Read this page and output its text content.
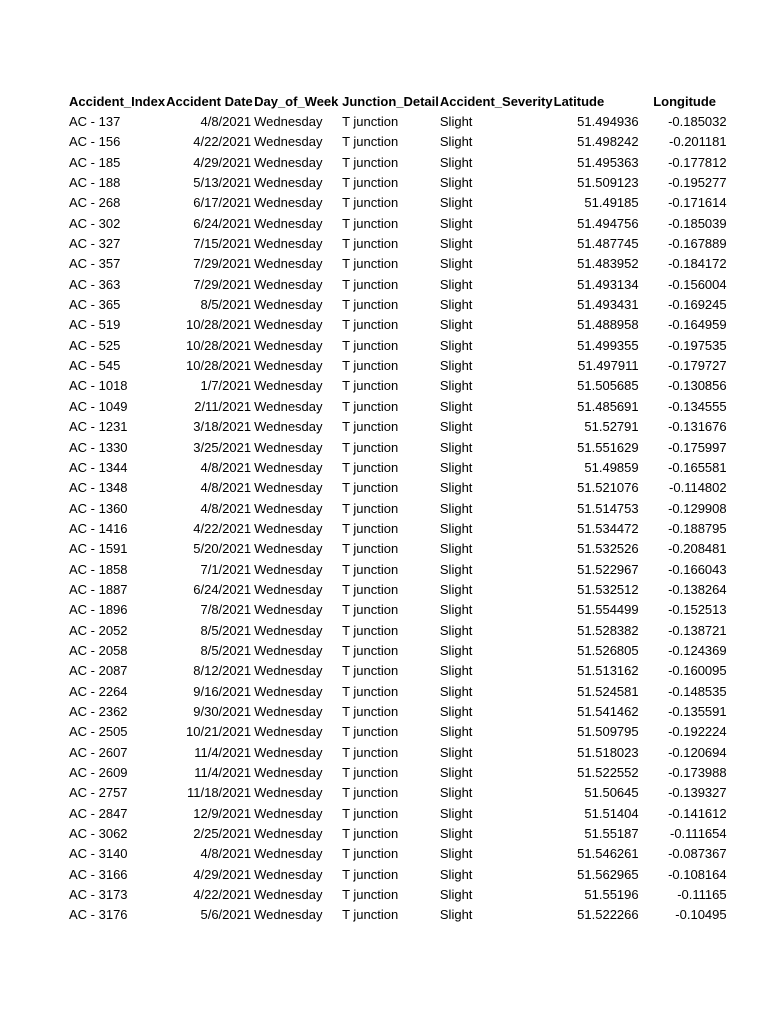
Accident_Index	Accident Date	Day_of_Week	Junction_Detail	Accident_Severity	Latitude	Longitude
AC - 137	4/8/2021	Wednesday	T junction	Slight	51.494936	-0.185032
AC - 156	4/22/2021	Wednesday	T junction	Slight	51.498242	-0.201181
AC - 185	4/29/2021	Wednesday	T junction	Slight	51.495363	-0.177812
AC - 188	5/13/2021	Wednesday	T junction	Slight	51.509123	-0.195277
AC - 268	6/17/2021	Wednesday	T junction	Slight	51.49185	-0.171614
AC - 302	6/24/2021	Wednesday	T junction	Slight	51.494756	-0.185039
AC - 327	7/15/2021	Wednesday	T junction	Slight	51.487745	-0.167889
AC - 357	7/29/2021	Wednesday	T junction	Slight	51.483952	-0.184172
AC - 363	7/29/2021	Wednesday	T junction	Slight	51.493134	-0.156004
AC - 365	8/5/2021	Wednesday	T junction	Slight	51.493431	-0.169245
AC - 519	10/28/2021	Wednesday	T junction	Slight	51.488958	-0.164959
AC - 525	10/28/2021	Wednesday	T junction	Slight	51.499355	-0.197535
AC - 545	10/28/2021	Wednesday	T junction	Slight	51.497911	-0.179727
AC - 1018	1/7/2021	Wednesday	T junction	Slight	51.505685	-0.130856
AC - 1049	2/11/2021	Wednesday	T junction	Slight	51.485691	-0.134555
AC - 1231	3/18/2021	Wednesday	T junction	Slight	51.52791	-0.131676
AC - 1330	3/25/2021	Wednesday	T junction	Slight	51.551629	-0.175997
AC - 1344	4/8/2021	Wednesday	T junction	Slight	51.49859	-0.165581
AC - 1348	4/8/2021	Wednesday	T junction	Slight	51.521076	-0.114802
AC - 1360	4/8/2021	Wednesday	T junction	Slight	51.514753	-0.129908
AC - 1416	4/22/2021	Wednesday	T junction	Slight	51.534472	-0.188795
AC - 1591	5/20/2021	Wednesday	T junction	Slight	51.532526	-0.208481
AC - 1858	7/1/2021	Wednesday	T junction	Slight	51.522967	-0.166043
AC - 1887	6/24/2021	Wednesday	T junction	Slight	51.532512	-0.138264
AC - 1896	7/8/2021	Wednesday	T junction	Slight	51.554499	-0.152513
AC - 2052	8/5/2021	Wednesday	T junction	Slight	51.528382	-0.138721
AC - 2058	8/5/2021	Wednesday	T junction	Slight	51.526805	-0.124369
AC - 2087	8/12/2021	Wednesday	T junction	Slight	51.513162	-0.160095
AC - 2264	9/16/2021	Wednesday	T junction	Slight	51.524581	-0.148535
AC - 2362	9/30/2021	Wednesday	T junction	Slight	51.541462	-0.135591
AC - 2505	10/21/2021	Wednesday	T junction	Slight	51.509795	-0.192224
AC - 2607	11/4/2021	Wednesday	T junction	Slight	51.518023	-0.120694
AC - 2609	11/4/2021	Wednesday	T junction	Slight	51.522552	-0.173988
AC - 2757	11/18/2021	Wednesday	T junction	Slight	51.50645	-0.139327
AC - 2847	12/9/2021	Wednesday	T junction	Slight	51.51404	-0.141612
AC - 3062	2/25/2021	Wednesday	T junction	Slight	51.55187	-0.111654
AC - 3140	4/8/2021	Wednesday	T junction	Slight	51.546261	-0.087367
AC - 3166	4/29/2021	Wednesday	T junction	Slight	51.562965	-0.108164
AC - 3173	4/22/2021	Wednesday	T junction	Slight	51.55196	-0.11165
AC - 3176	5/6/2021	Wednesday	T junction	Slight	51.522266	-0.10495
